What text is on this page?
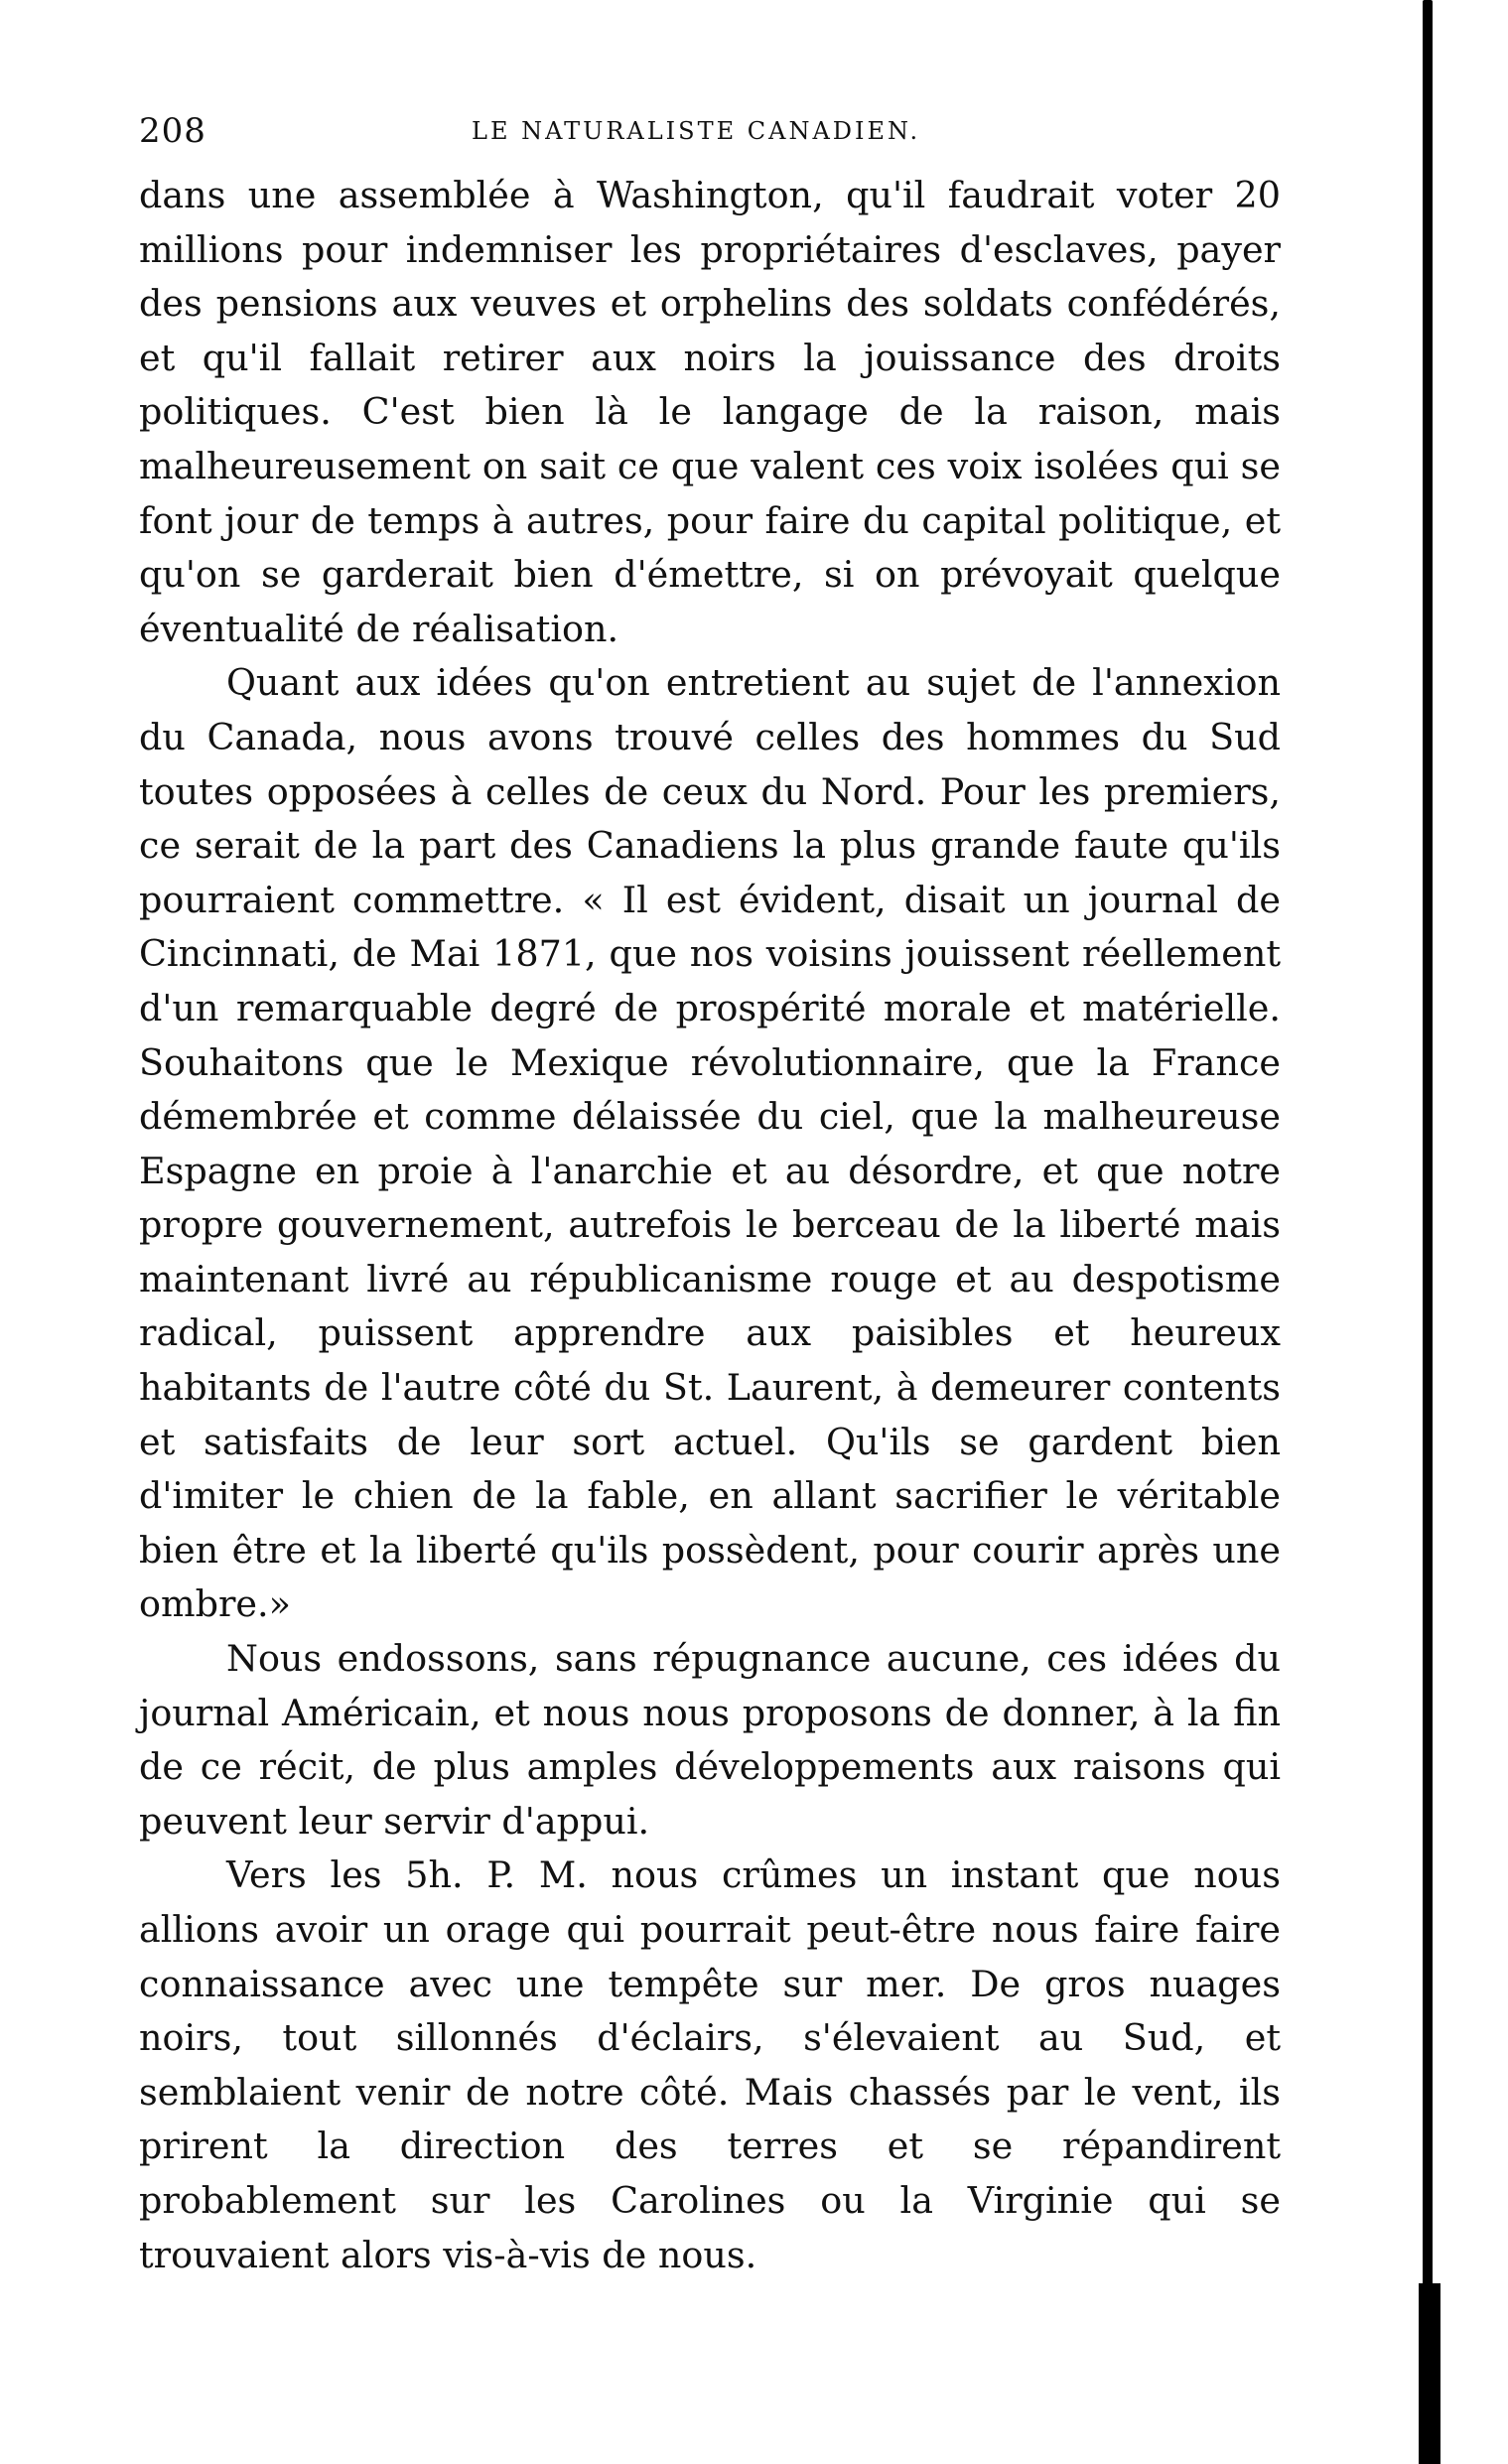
208	LE NATURALISTE CANADIEN.

dans une assemblée à Washington, qu'il faudrait voter 20 millions pour indemniser les propriétaires d'esclaves, payer des pensions aux veuves et orphelins des soldats confédérés, et qu'il fallait retirer aux noirs la jouissance des droits politiques. C'est bien là le langage de la raison, mais malheureusement on sait ce que valent ces voix isolées qui se font jour de temps à autres, pour faire du capital politique, et qu'on se garderait bien d'émettre, si on prévoyait quelque éventualité de réalisation.

Quant aux idées qu'on entretient au sujet de l'annexion du Canada, nous avons trouvé celles des hommes du Sud toutes opposées à celles de ceux du Nord. Pour les premiers, ce serait de la part des Canadiens la plus grande faute qu'ils pourraient commettre. « Il est évident, disait un journal de Cincinnati, de Mai 1871, que nos voisins jouissent réellement d'un remarquable degré de prospérité morale et matérielle. Souhaitons que le Mexique révolutionnaire, que la France démembrée et comme délaissée du ciel, que la malheureuse Espagne en proie à l'anarchie et au désordre, et que notre propre gouvernement, autrefois le berceau de la liberté mais maintenant livré au républicanisme rouge et au despotisme radical, puissent apprendre aux paisibles et heureux habitants de l'autre côté du St. Laurent, à demeurer contents et satisfaits de leur sort actuel. Qu'ils se gardent bien d'imiter le chien de la fable, en allant sacrifier le véritable bien être et la liberté qu'ils possèdent, pour courir après une ombre.»

Nous endossons, sans répugnance aucune, ces idées du journal Américain, et nous nous proposons de donner, à la fin de ce récit, de plus amples développements aux raisons qui peuvent leur servir d'appui.

Vers les 5h. P. M. nous crûmes un instant que nous allions avoir un orage qui pourrait peut-être nous faire faire connaissance avec une tempête sur mer. De gros nuages noirs, tout sillonnés d'éclairs, s'élevaient au Sud, et semblaient venir de notre côté. Mais chassés par le vent, ils prirent la direction des terres et se répandirent probablement sur les Carolines ou la Virginie qui se trouvaient alors vis-à-vis de nous.
